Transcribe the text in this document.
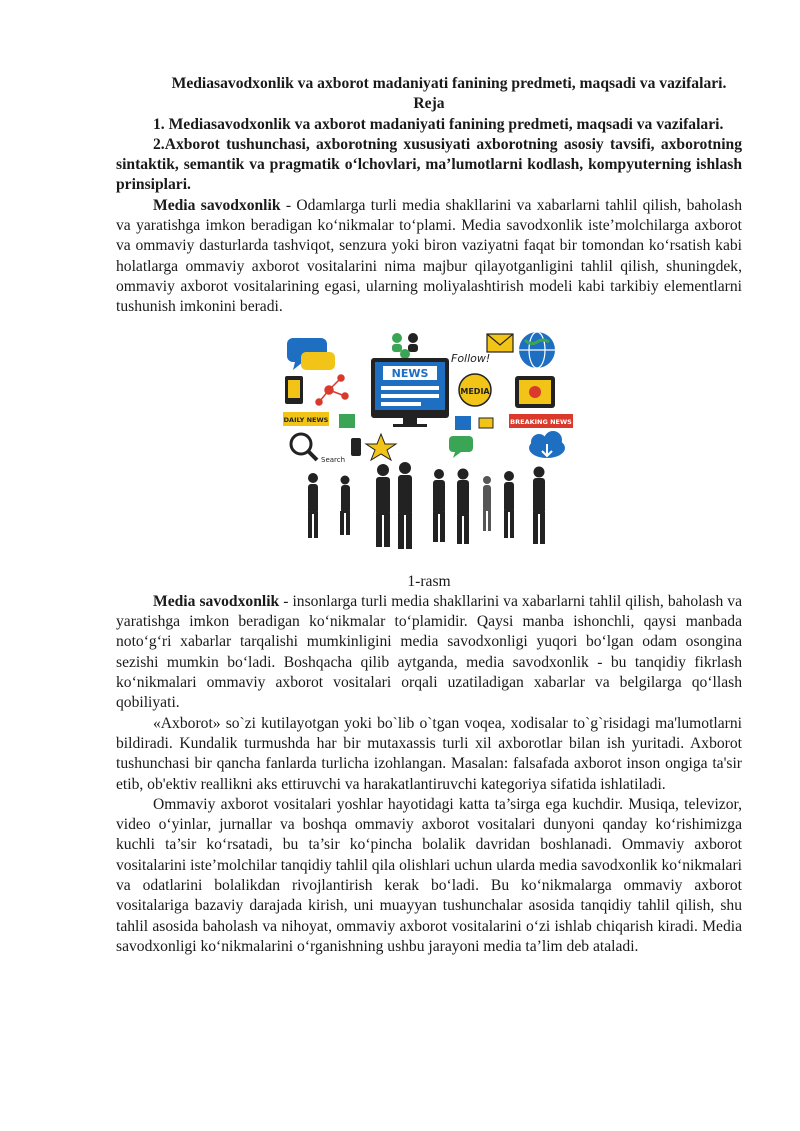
Mediasavodxonlik va axborot madaniyati fanining predmeti, maqsadi va vazifalari.

Reja

1. Mediasavodxonlik va axborot madaniyati fanining predmeti, maqsadi va vazifalari.

2.Axborot tushunchasi, axborotning xususiyati axborotning asosiy tavsifi, axborotning sintaktik, semantik va pragmatik o‘lchovlari, ma’lumotlarni kodlash, kompyuterning ishlash prinsiplari.

Media savodxonlik - Odamlarga turli media shakllarini va xabarlarni tahlil qilish, baholash va yaratishga imkon beradigan ko‘nikmalar to‘plami. Media savodxonlik iste’molchilarga axborot va ommaviy dasturlarda tashviqot, senzura yoki biron vaziyatni faqat bir tomondan ko‘rsatish kabi holatlarga ommaviy axborot vositalarini nima majbur qilayotganligini tahlil qilish, shuningdek, ommaviy axborot vositalarining egasi, ularning moliyalashtirish modeli kabi tarkibiy elementlarni tushunish imkonini beradi.

Follow!
NEWS
MEDIA
DAILY NEWS	BREAKING NEWS
Search

1-rasm

Media savodxonlik - insonlarga turli media shakllarini va xabarlarni tahlil qilish, baholash va yaratishga imkon beradigan ko‘nikmalar to‘plamidir. Qaysi manba ishonchli, qaysi manbada noto‘g‘ri xabarlar tarqalishi mumkinligini media savodxonligi yuqori bo‘lgan odam osongina sezishi mumkin bo‘ladi. Boshqacha qilib aytganda, media savodxonlik - bu tanqidiy fikrlash ko‘nikmalari ommaviy axborot vositalari orqali uzatiladigan xabarlar va belgilarga qo‘llash qobiliyati.

«Axborot» so`zi kutilayotgan yoki bo`lib o`tgan voqea, xodisalar to`g`risidagi ma'lumotlarni bildiradi. Kundalik turmushda har bir mutaxassis turli xil axborotlar bilan ish yuritadi. Axborot tushunchasi bir qancha fanlarda turlicha izohlangan. Masalan: falsafada axborot inson ongiga ta'sir etib, ob'ektiv reallikni aks ettiruvchi va harakatlantiruvchi kategoriya sifatida ishlatiladi.

Ommaviy axborot vositalari yoshlar hayotidagi katta ta’sirga ega kuchdir. Musiqa, televizor, video o‘yinlar, jurnallar va boshqa ommaviy axborot vositalari dunyoni qanday ko‘rishimizga kuchli ta’sir ko‘rsatadi, bu ta’sir ko‘pincha bolalik davridan boshlanadi. Ommaviy axborot vositalarini iste’molchilar tanqidiy tahlil qila olishlari uchun ularda media savodxonlik ko‘nikmalari va odatlarini bolalikdan rivojlantirish kerak bo‘ladi. Bu ko‘nikmalarga ommaviy axborot vositalariga bazaviy darajada kirish, uni muayyan tushunchalar asosida tanqidiy tahlil qilish, shu tahlil asosida baholash va nihoyat, ommaviy axborot vositalarini o‘zi ishlab chiqarish kiradi. Media savodxonligi ko‘nikmalarini o‘rganishning ushbu jarayoni media ta’lim deb ataladi.
